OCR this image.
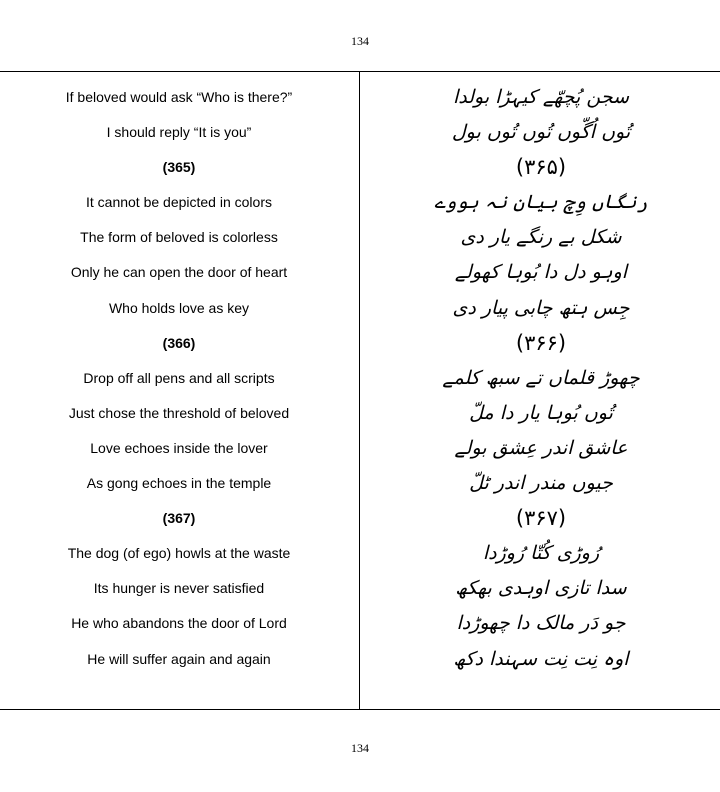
134
If beloved would ask “Who is there?”
I should reply “It is you”
(365)
It cannot be depicted in colors
The form of beloved is colorless
Only he can open the door of heart
Who holds love as key
(366)
Drop off all pens and all scripts
Just chose the threshold of beloved
Love echoes inside the lover
As gong echoes in the temple
(367)
The dog (of ego) howls at the waste
Its hunger is never satisfied
He who abandons the door of Lord
He will suffer again and again
سجن پُچھّے کیہڑا بولدا
تُوں اُگّوں تُوں تُوں بول
(۳۶۵)
رنگاں وِچ بیان نہ ہووے
شکل بے رنگے یار دی
اوہو دل دا بُوہا کھولے
جِس ہتھ چابی پیار دی
(۳۶۶)
چھوڑ قلماں تے سبھ کلمے
تُوں بُوہا یار دا ملّ
عاشق اندر عِشق بولے
جیوں مندر اندر ٹلّ
(۳۶۷)
رُوڑی کُتّا رُوڑدا
سدا تازی اوہدی بھکھ
جو دَر مالک دا چھوڑدا
اوہ نِت نِت سہندا دکھ
134
